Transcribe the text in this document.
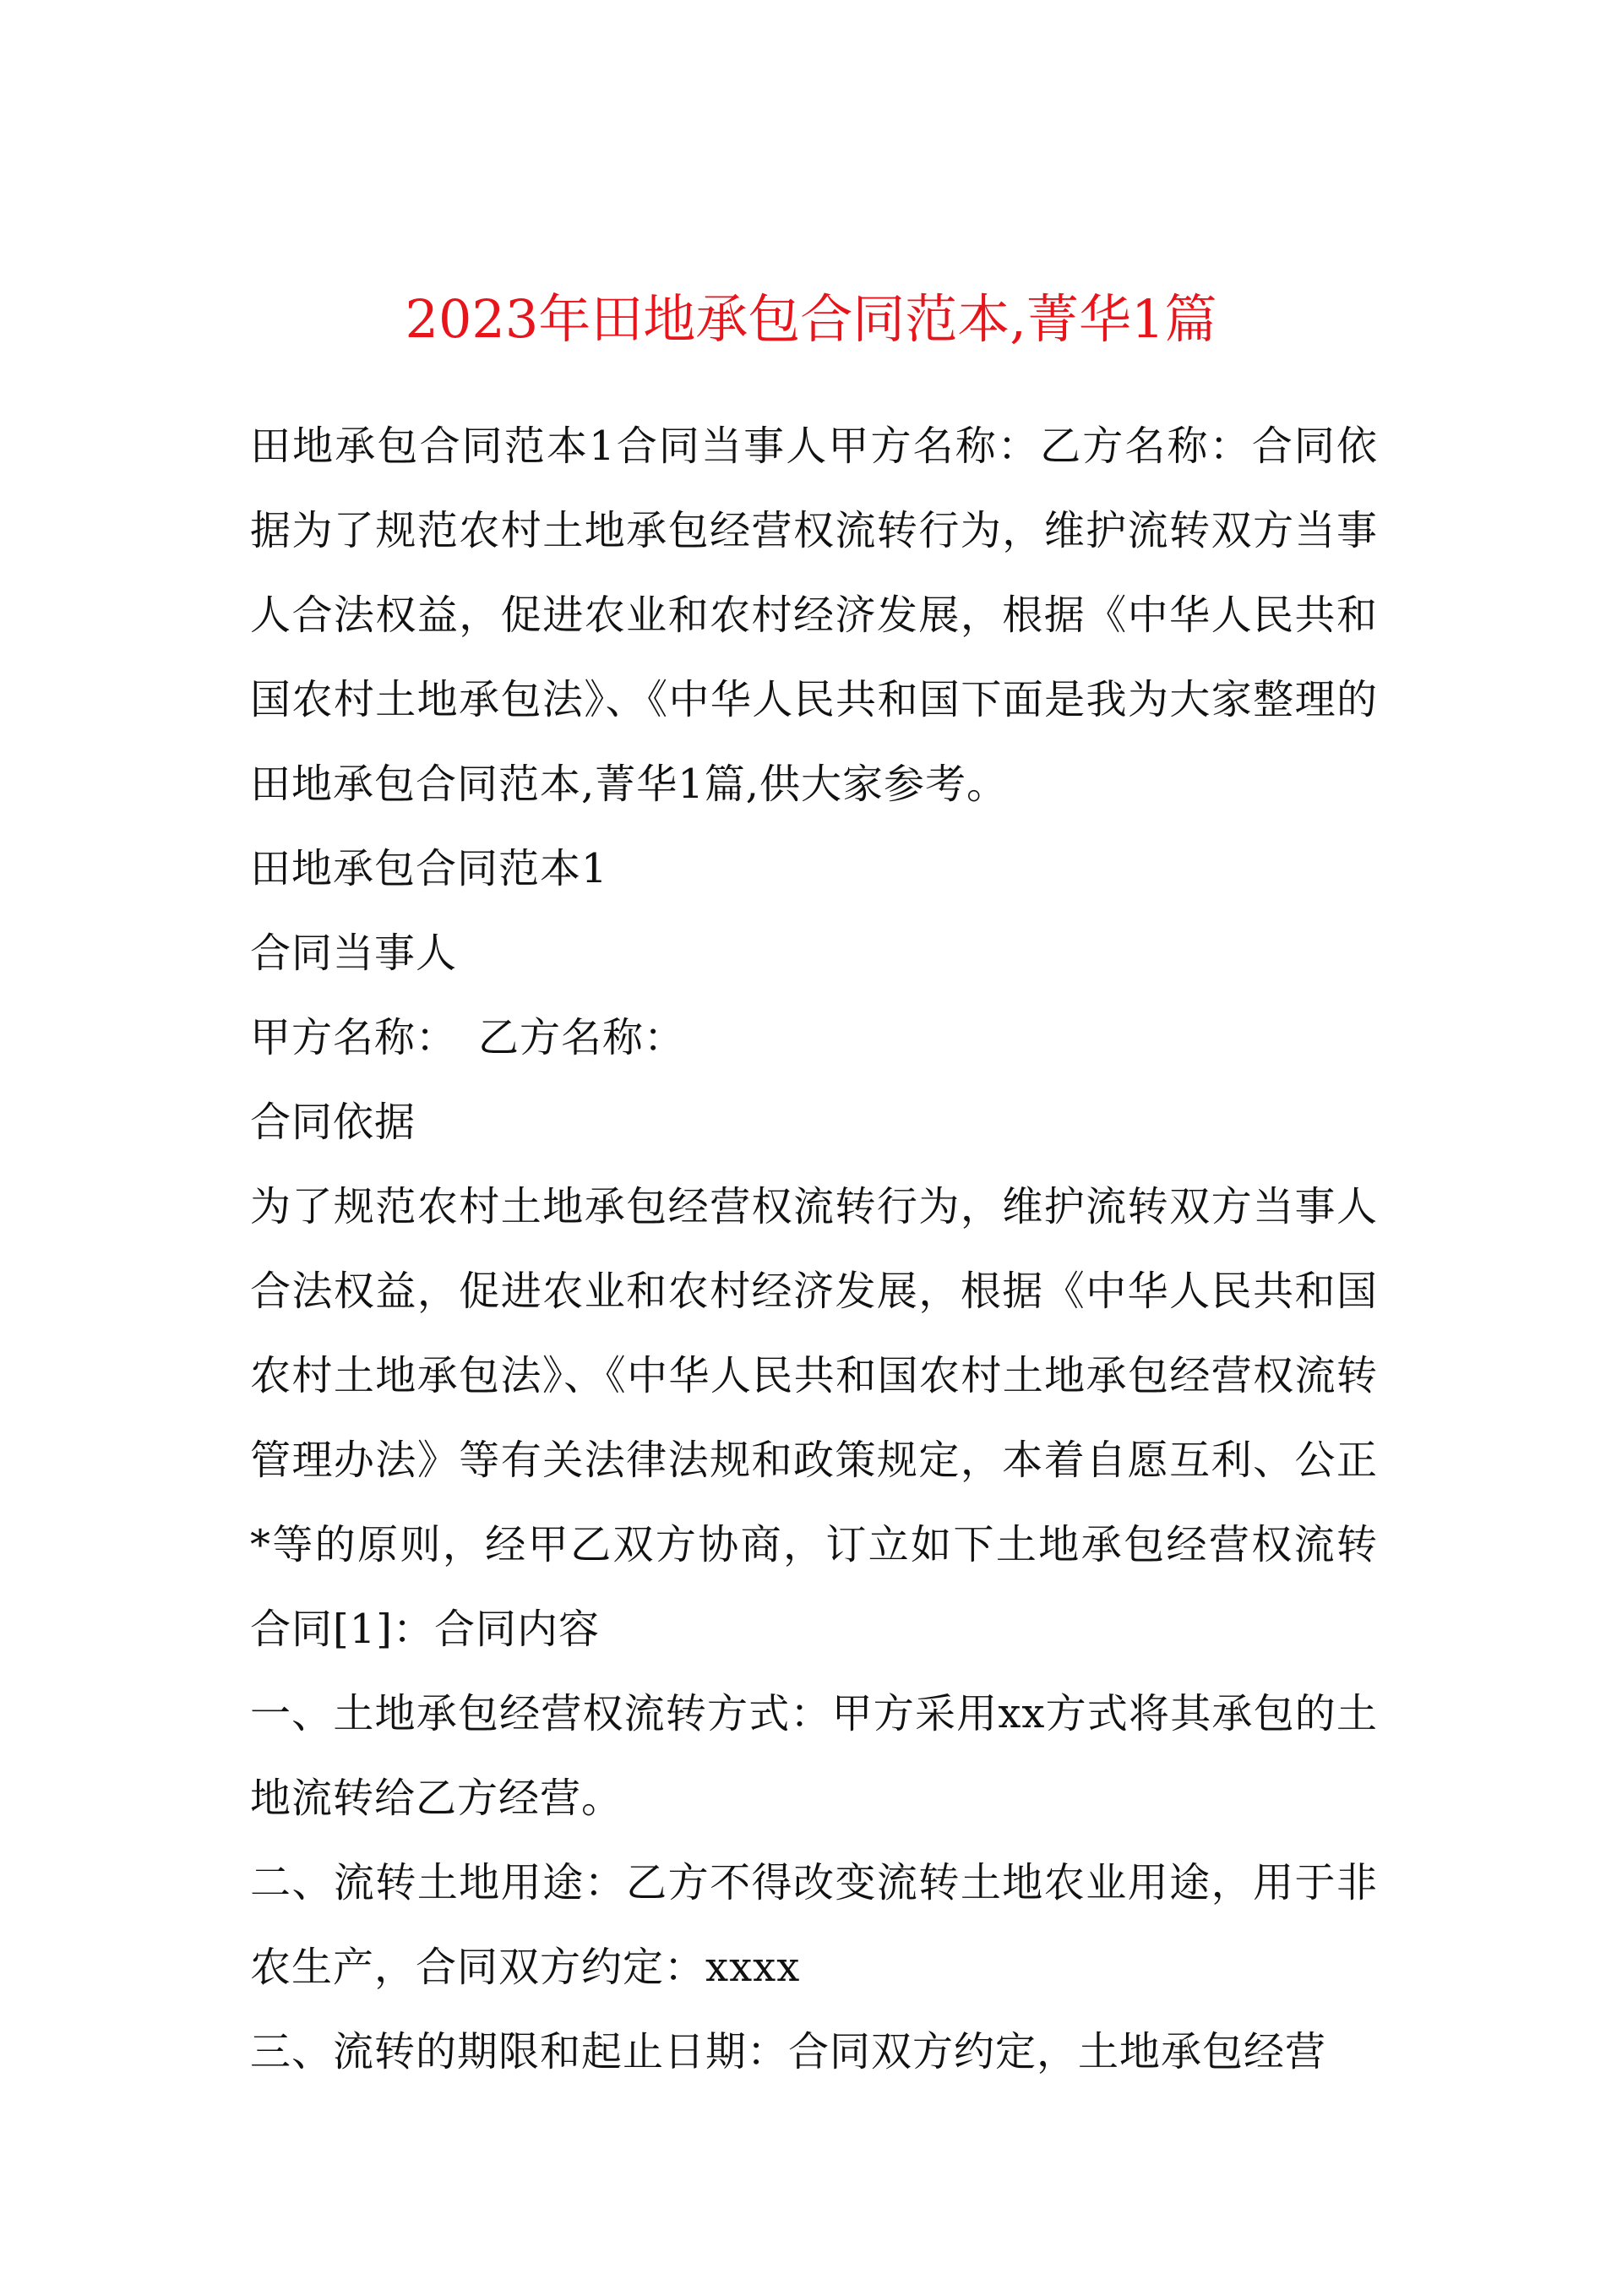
2023年田地承包合同范本,菁华1篇

田地承包合同范本1合同当事人甲方名称：乙方名称：合同依据为了规范农村土地承包经营权流转行为，维护流转双方当事人合法权益，促进农业和农村经济发展，根据《中华人民共和国农村土地承包法》、《中华人民共和国下面是我为大家整理的田地承包合同范本,菁华1篇,供大家参考。

田地承包合同范本1

合同当事人

甲方名称：　乙方名称：

合同依据

为了规范农村土地承包经营权流转行为，维护流转双方当事人合法权益，促进农业和农村经济发展，根据《中华人民共和国农村土地承包法》、《中华人民共和国农村土地承包经营权流转管理办法》等有关法律法规和政策规定，本着自愿互利、公正*等的原则，经甲乙双方协商，订立如下土地承包经营权流转合同[1]：合同内容

一、土地承包经营权流转方式：甲方采用xx方式将其承包的土地流转给乙方经营。

二、流转土地用途：乙方不得改变流转土地农业用途，用于非农生产，合同双方约定：xxxx

三、流转的期限和起止日期：合同双方约定，土地承包经营
